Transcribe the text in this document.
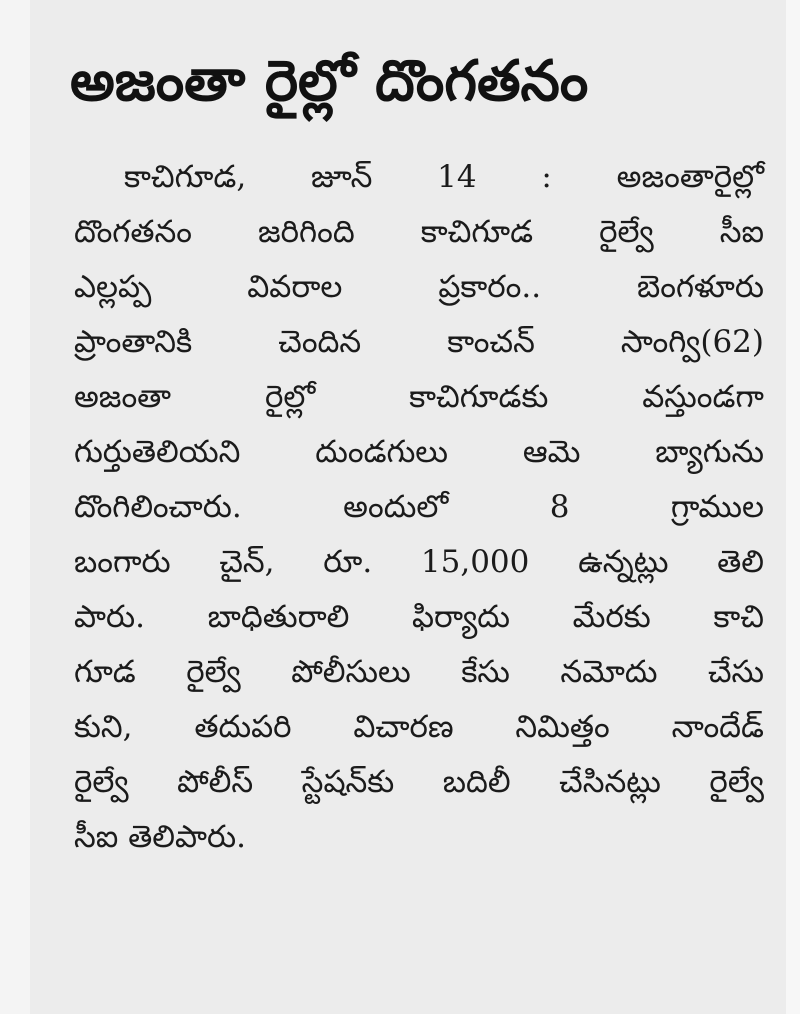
అజంతా రైల్లో దొంగతనం
కాచిగూడ, జూన్ 14 : అజంతారైల్లో
దొంగతనం జరిగింది కాచిగూడ రైల్వే సీఐ
ఎల్లప్ప వివరాల ప్రకారం.. బెంగళూరు
ప్రాంతానికి చెందిన కాంచన్ సాంగ్వి(62)
అజంతా రైల్లో కాచిగూడకు వస్తుండగా
గుర్తుతెలియని దుండగులు ఆమె బ్యాగును
దొంగిలించారు. అందులో 8 గ్రాముల
బంగారు చైన్, రూ. 15,000 ఉన్నట్లు తెలి
పారు. బాధితురాలి ఫిర్యాదు మేరకు కాచి
గూడ రైల్వే పోలీసులు కేసు నమోదు చేసు
కుని, తదుపరి విచారణ నిమిత్తం నాందేడ్
రైల్వే పోలీస్ స్టేషన్‌కు బదిలీ చేసినట్లు రైల్వే
సీఐ తెలిపారు.
